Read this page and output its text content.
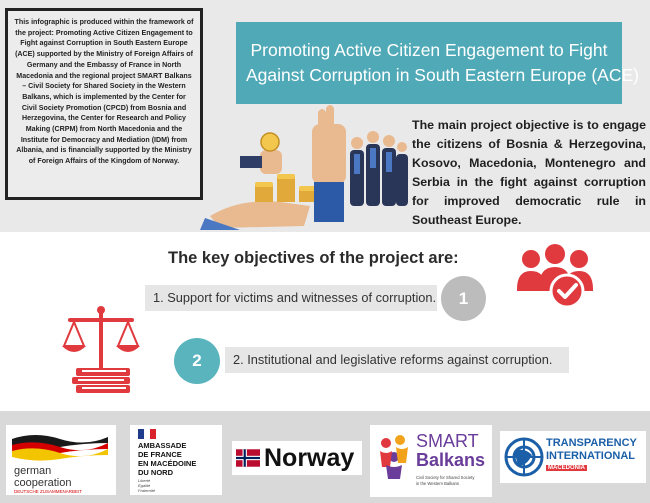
This infographic is produced within the framework of the project: Promoting Active Citizen Engagement to Fight against Corruption in South Eastern Europe (ACE) supported by the Ministry of Foreign Affairs of Germany and the Embassy of France in North Macedonia and the regional project SMART Balkans – Civil Society for Shared Society in the Western Balkans, which is implemented by the Center for Civil Society Promotion (CPCD) from Bosnia and Herzegovina, the Center for Research and Policy Making (CRPM) from North Macedonia and the Institute for Democracy and Mediation (IDM) from Albania, and is financially supported by the Ministry of Foreign Affairs of the Kingdom of Norway.
Promoting Active Citizen Engagement to Fight
Against Corruption in South Eastern Europe (ACE)
The main project objective is to engage the citizens of Bosnia & Herzegovina, Kosovo, Macedonia, Montenegro and Serbia in the fight against corruption for improved democratic rule in Southeast Europe.
The key objectives of the project are:
1. Support for victims and witnesses of corruption.	1
2	2. Institutional and legislative reforms against corruption.
german
cooperation
DEUTSCHE ZUSAMMENARBEIT
AMBASSADE
DE FRANCE
EN MACÉDOINE
DU NORD
Liberté
Égalité
Fraternité
Norway
SMART
Balkans
Civil Society for Shared Society
in the Western Balkans
TRANSPARENCY
INTERNATIONAL
MACEDONIA
